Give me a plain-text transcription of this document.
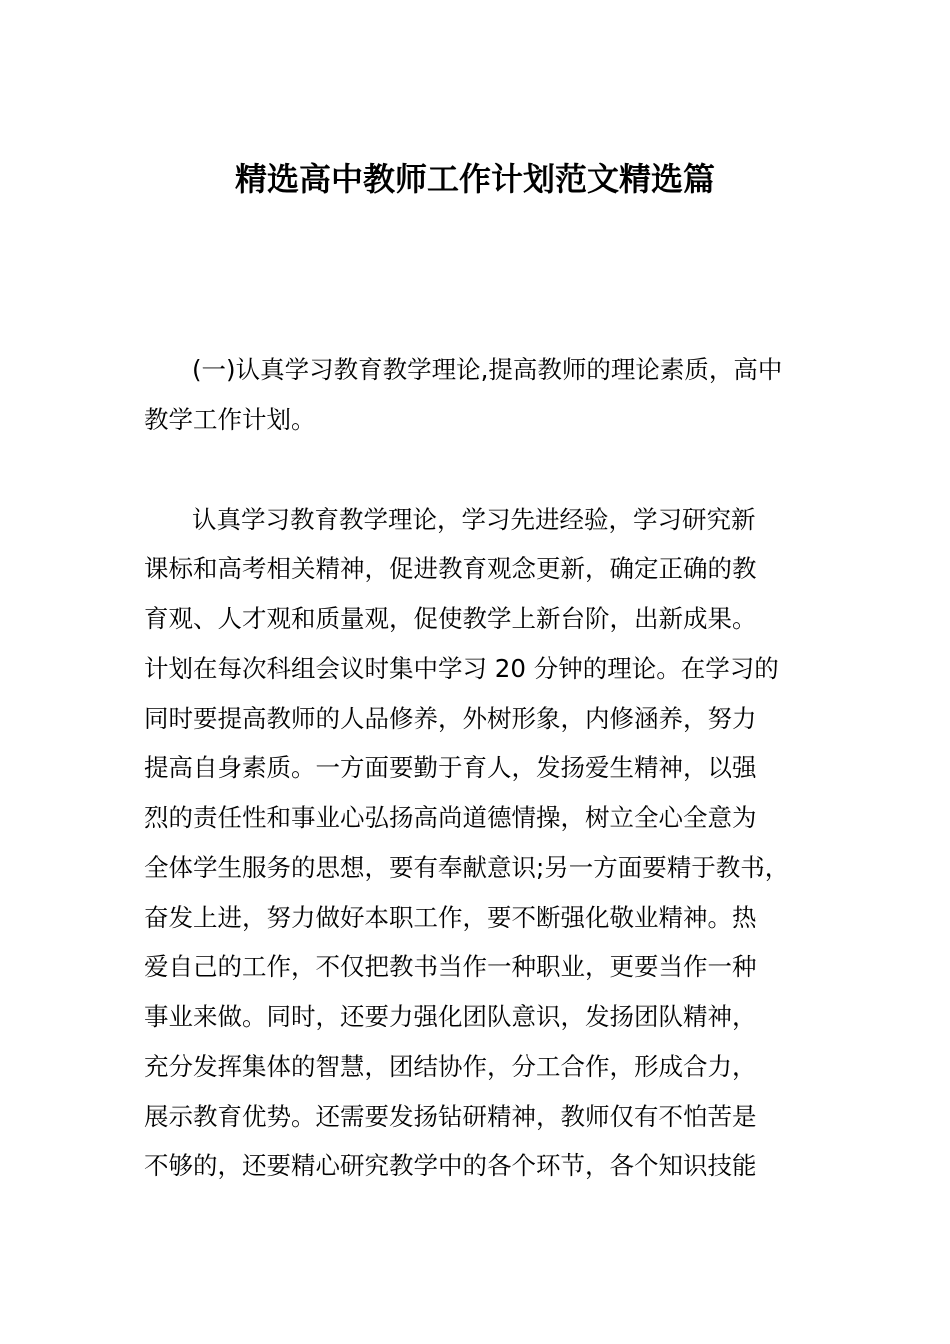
精选高中教师工作计划范文精选篇
(一)认真学习教育教学理论,提高教师的理论素质，高中
教学工作计划。
认真学习教育教学理论，学习先进经验，学习研究新
课标和高考相关精神，促进教育观念更新，确定正确的教
育观、人才观和质量观，促使教学上新台阶，出新成果。
计划在每次科组会议时集中学习 20 分钟的理论。在学习的
同时要提高教师的人品修养，外树形象，内修涵养，努力
提高自身素质。一方面要勤于育人，发扬爱生精神，以强
烈的责任性和事业心弘扬高尚道德情操，树立全心全意为
全体学生服务的思想，要有奉献意识;另一方面要精于教书，
奋发上进，努力做好本职工作，要不断强化敬业精神。热
爱自己的工作，不仅把教书当作一种职业，更要当作一种
事业来做。同时，还要力强化团队意识，发扬团队精神，
充分发挥集体的智慧，团结协作，分工合作，形成合力，
展示教育优势。还需要发扬钻研精神，教师仅有不怕苦是
不够的，还要精心研究教学中的各个环节，各个知识技能
